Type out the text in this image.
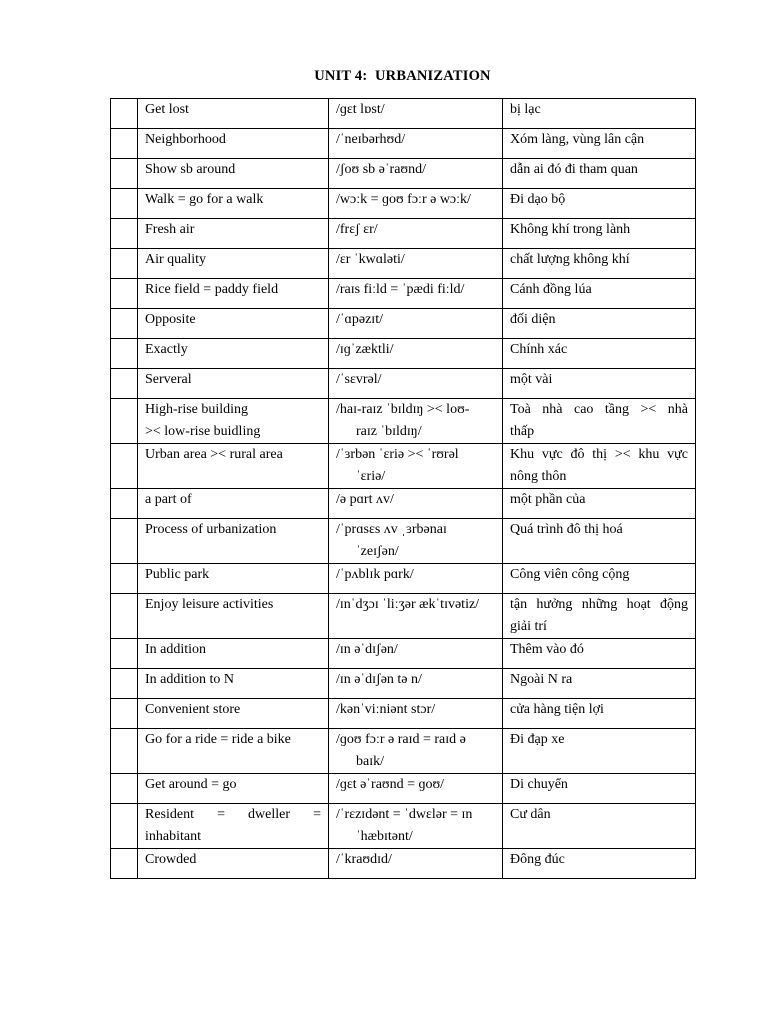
UNIT 4:  URBANIZATION

	Get lost	/ɡɛt lɒst/	bị lạc

	Neighborhood	/ˈneɪbərhʊd/	Xóm làng, vùng lân cận

	Show sb around	/ʃoʊ sb əˈraʊnd/	dẫn ai đó đi tham quan

	Walk = go for a walk	/wɔːk = ɡoʊ fɔːr ə wɔːk/	Đi dạo bộ

	Fresh air	/frɛʃ ɛr/	Không khí trong lành

	Air quality	/ɛr ˈkwɑləti/	chất lượng không khí

	Rice field = paddy field	/raɪs fiːld = ˈpædi fiːld/	Cánh đồng lúa

	Opposite	/ˈɑpəzɪt/	đối diện

	Exactly	/ɪɡˈzæktli/	Chính xác

	Serveral	/ˈsɛvrəl/	một vài

	High-rise building
>< low-rise buidling	/haɪ-raɪz ˈbɪldɪŋ >< loʊ-
raɪz ˈbɪldɪŋ/	Toà nhà cao tầng >< nhà
thấp

	Urban area >< rural area	/ˈɜrbən ˈɛriə >< ˈrʊrəl
ˈɛriə/	Khu vực đô thị >< khu vực
nông thôn

	a part of	/ə pɑrt ʌv/	một phần của

	Process of urbanization	/ˈprɑsɛs ʌv ˌɜrbənaɪ
ˈzeɪʃən/	Quá trình đô thị hoá

	Public park	/ˈpʌblɪk pɑrk/	Công viên công cộng

	Enjoy leisure activities	/ɪnˈdʒɔɪ ˈliːʒər ækˈtɪvətiz/	tận hưởng những hoạt động
giải trí

	In addition	/ɪn əˈdɪʃən/	Thêm vào đó

	In addition to N	/ɪn əˈdɪʃən tə n/	Ngoài N ra

	Convenient store	/kənˈviːniənt stɔr/	cửa hàng tiện lợi

	Go for a ride = ride a bike	/ɡoʊ fɔːr ə raɪd = raɪd ə
baɪk/	Đi đạp xe

	Get around = go	/ɡɛt əˈraʊnd = ɡoʊ/	Di chuyển

	Resident = dweller =
inhabitant	/ˈrɛzɪdənt = ˈdwɛlər = ɪn
ˈhæbɪtənt/	Cư dân

	Crowded	/ˈkraʊdɪd/	Đông đúc
